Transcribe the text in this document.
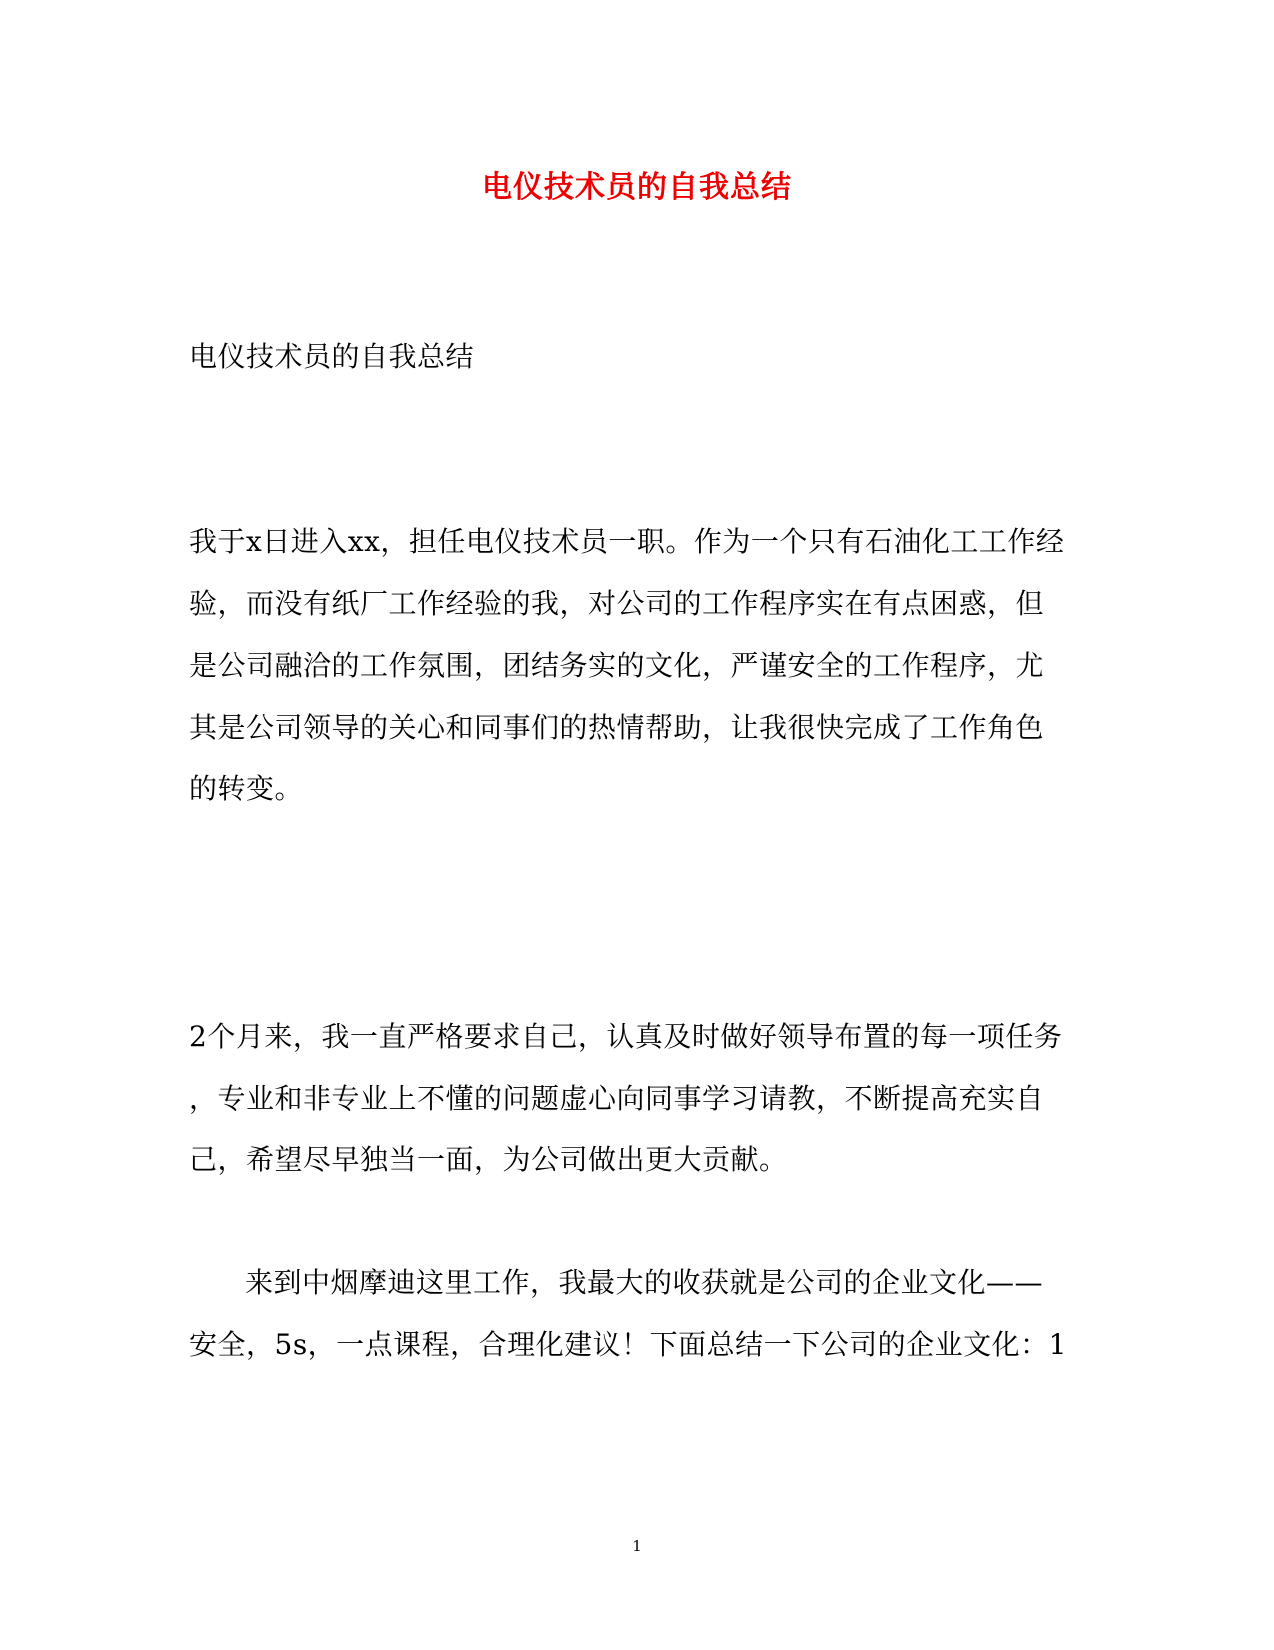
电仪技术员的自我总结
电仪技术员的自我总结
我于x日进入xx，担任电仪技术员一职。作为一个只有石油化工工作经
验，而没有纸厂工作经验的我，对公司的工作程序实在有点困惑，但
是公司融洽的工作氛围，团结务实的文化，严谨安全的工作程序，尤
其是公司领导的关心和同事们的热情帮助，让我很快完成了工作角色
的转变。
2个月来，我一直严格要求自己，认真及时做好领导布置的每一项任务
，专业和非专业上不懂的问题虚心向同事学习请教，不断提高充实自
己，希望尽早独当一面，为公司做出更大贡献。
来到中烟摩迪这里工作，我最大的收获就是公司的企业文化——
安全，5s，一点课程，合理化建议！下面总结一下公司的企业文化：1
1
